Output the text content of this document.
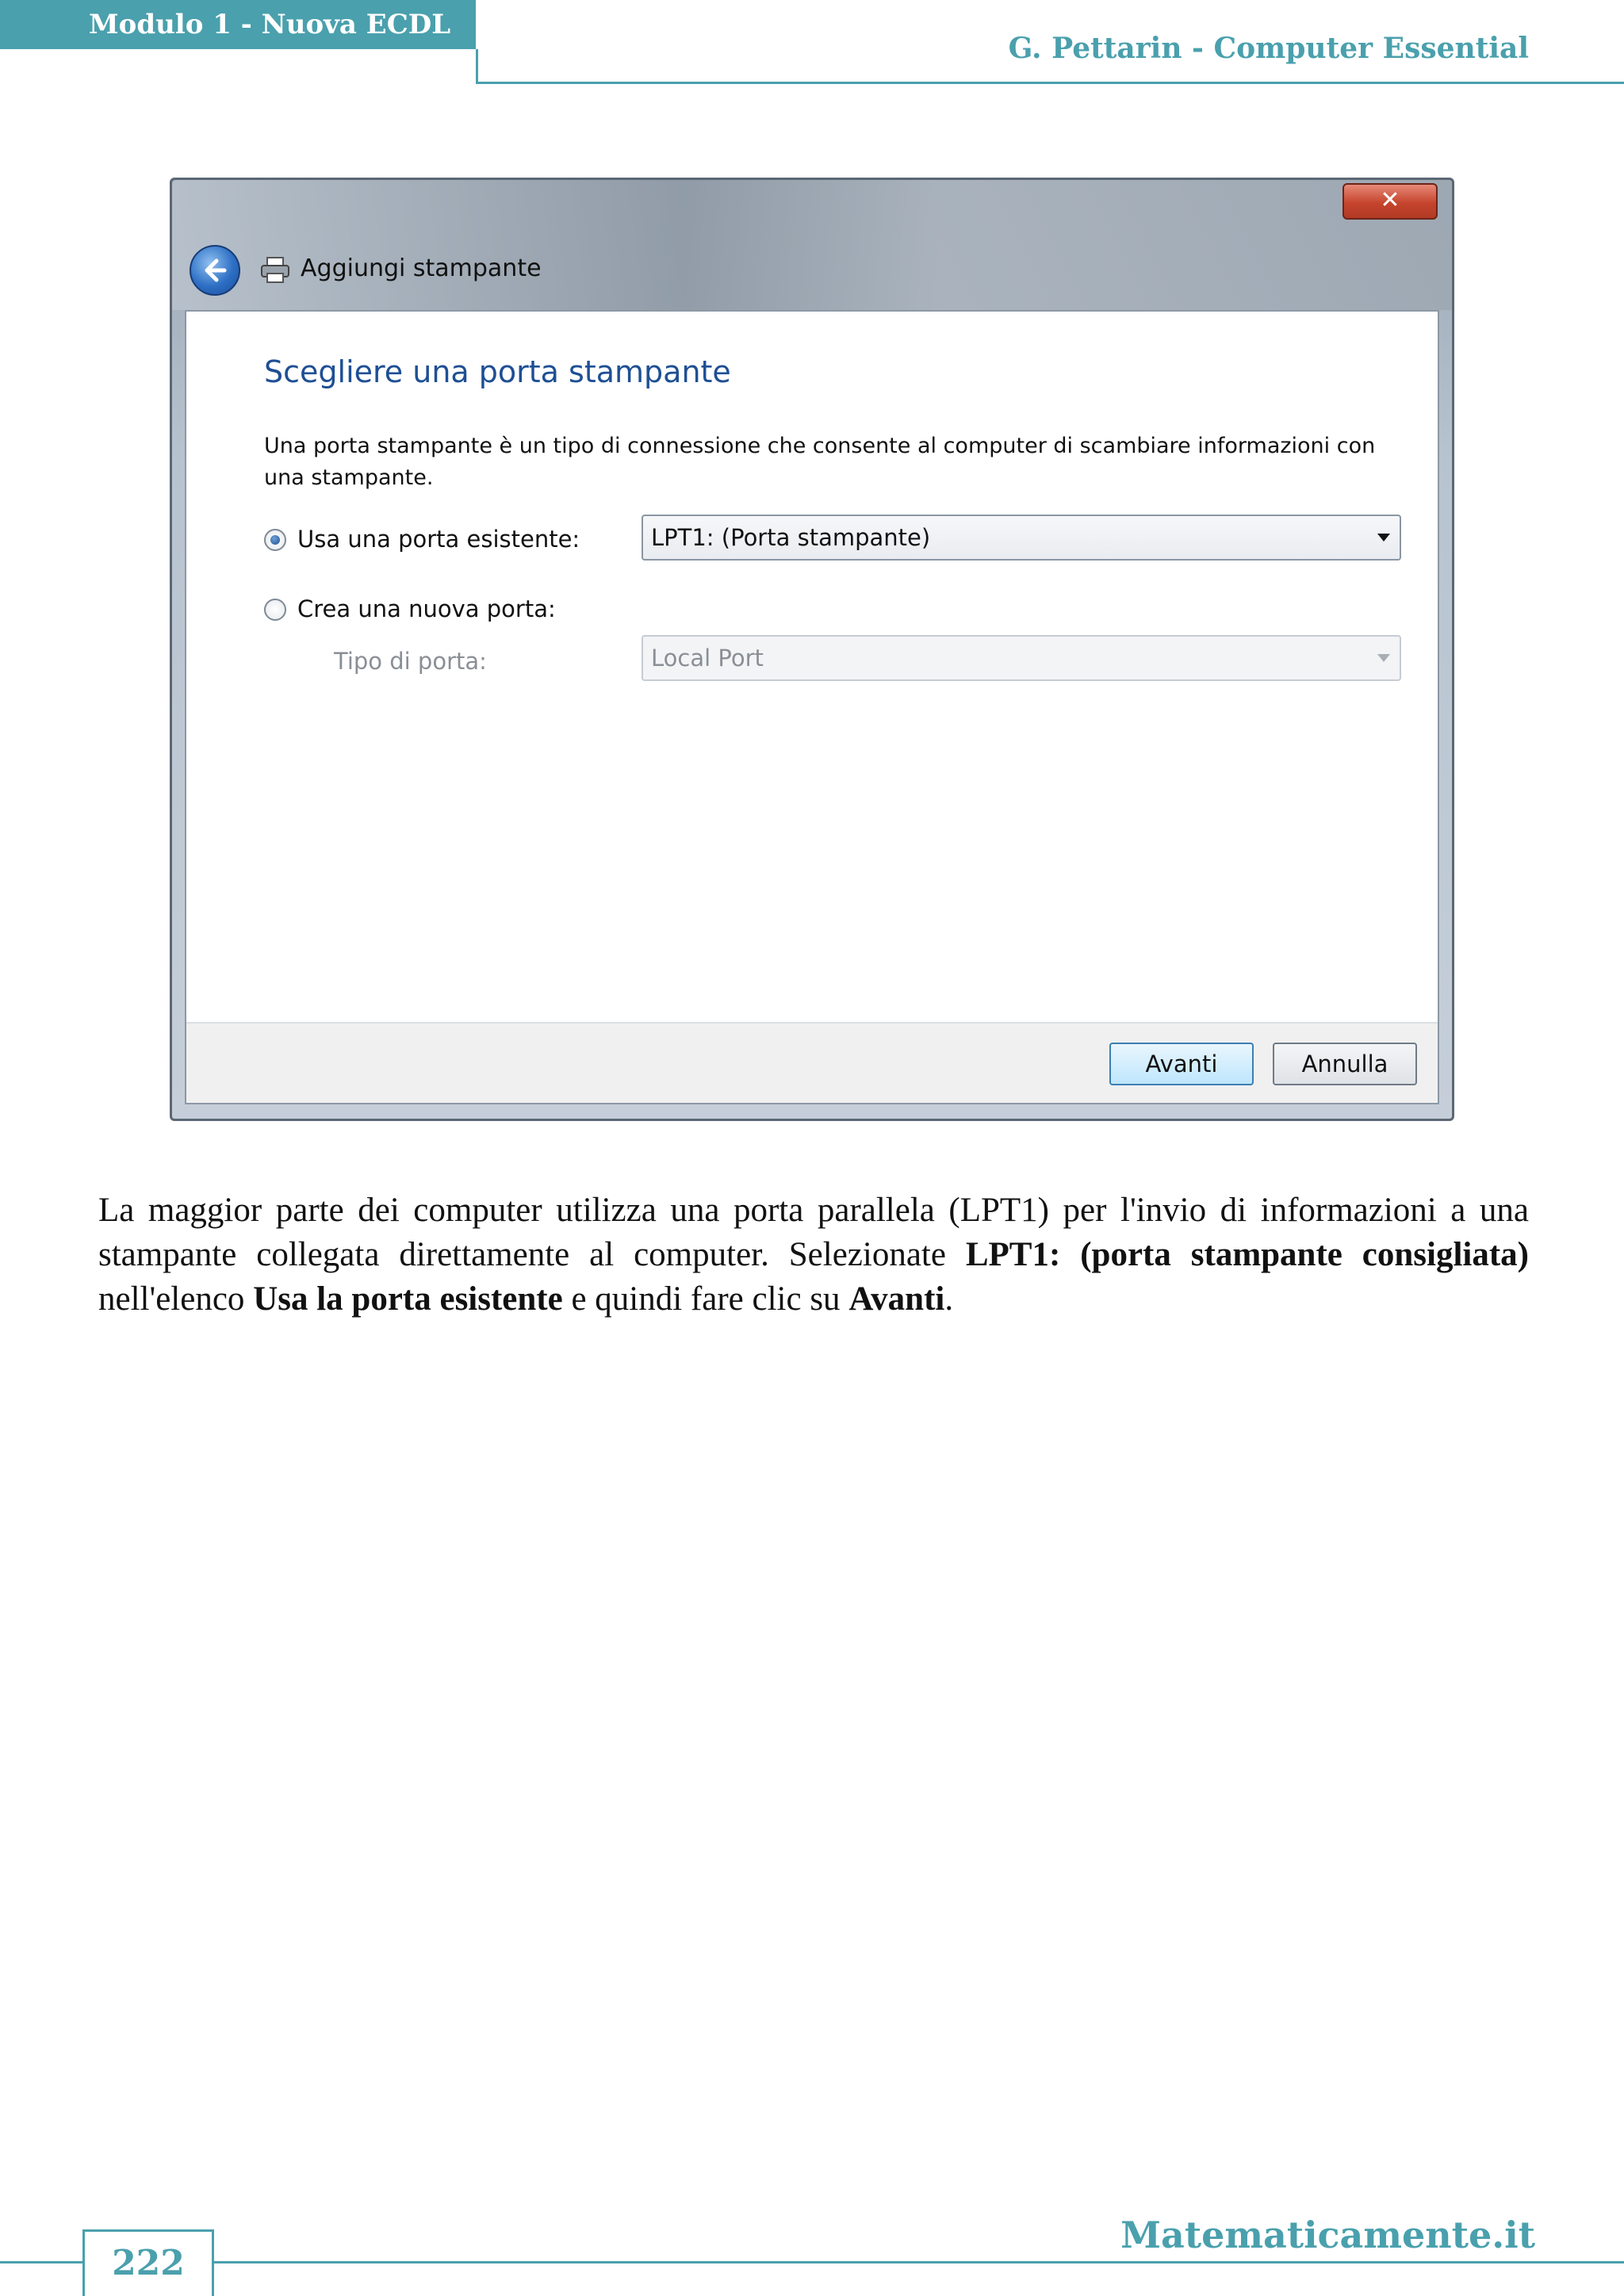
Modulo 1 - Nuova ECDL
G. Pettarin - Computer Essential
✕
Aggiungi stampante
Scegliere una porta stampante
Una porta stampante è un tipo di connessione che consente al computer di scambiare informazioni con una stampante.
Usa una porta esistente:	LPT1: (Porta stampante)
Crea una nuova porta:
Tipo di porta:	Local Port
Avanti	Annulla

La maggior parte dei computer utilizza una porta parallela (LPT1) per l'invio di informazioni a una stampante collegata direttamente al computer. Selezionate LPT1: (porta stampante consigliata) nell'elenco Usa la porta esistente e quindi fare clic su Avanti.

222
Matematicamente.it
